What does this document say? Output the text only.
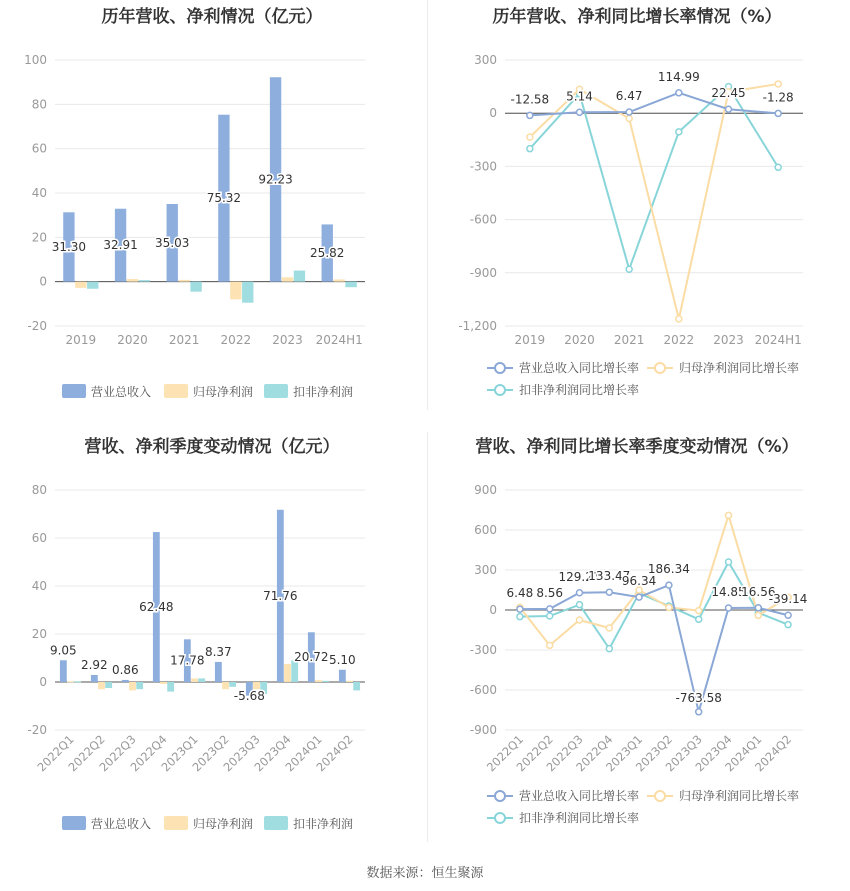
历年营收、净利情况（亿元）
-20
0
20
40
60
80
100
2019 2020 2021 2022 2023 2024H1
31.30 32.91 35.03
75.32
92.23
25.82
营业总收入	归母净利润	扣非净利润
历年营收、净利同比增长率情况（%）
-1,200
-900
-600
-300
0
300
2019 2020 2021 2022 2023 2024H1
-12.58 5.14 6.47
114.99
22.45 -1.28
营业总收入同比增长率	归母净利润同比增长率
扣非净利润同比增长率
营收、净利季度变动情况（亿元）
-20
0
20
40
60
80
2022Q1
2022Q2
2022Q3
2022Q4
2023Q1
2023Q2
2023Q3
2023Q4
2024Q1
2024Q2
9.05
2.92 0.86
62.48
17.78
8.37
-5.68
71.76
20.72 5.10
营业总收入	归母净利润	扣非净利润
营收、净利同比增长率季度变动情况（%）
-900
-600
-300
0
300
600
900
2022Q1
2022Q2
2022Q3
2022Q4
2023Q1
2023Q2
2023Q3
2023Q4
2024Q1
2024Q2
6.48 8.56
129.21
133.47
96.34
186.34
-763.58
14.85
16.56
-39.14
营业总收入同比增长率	归母净利润同比增长率
扣非净利润同比增长率
数据来源：恒生聚源
